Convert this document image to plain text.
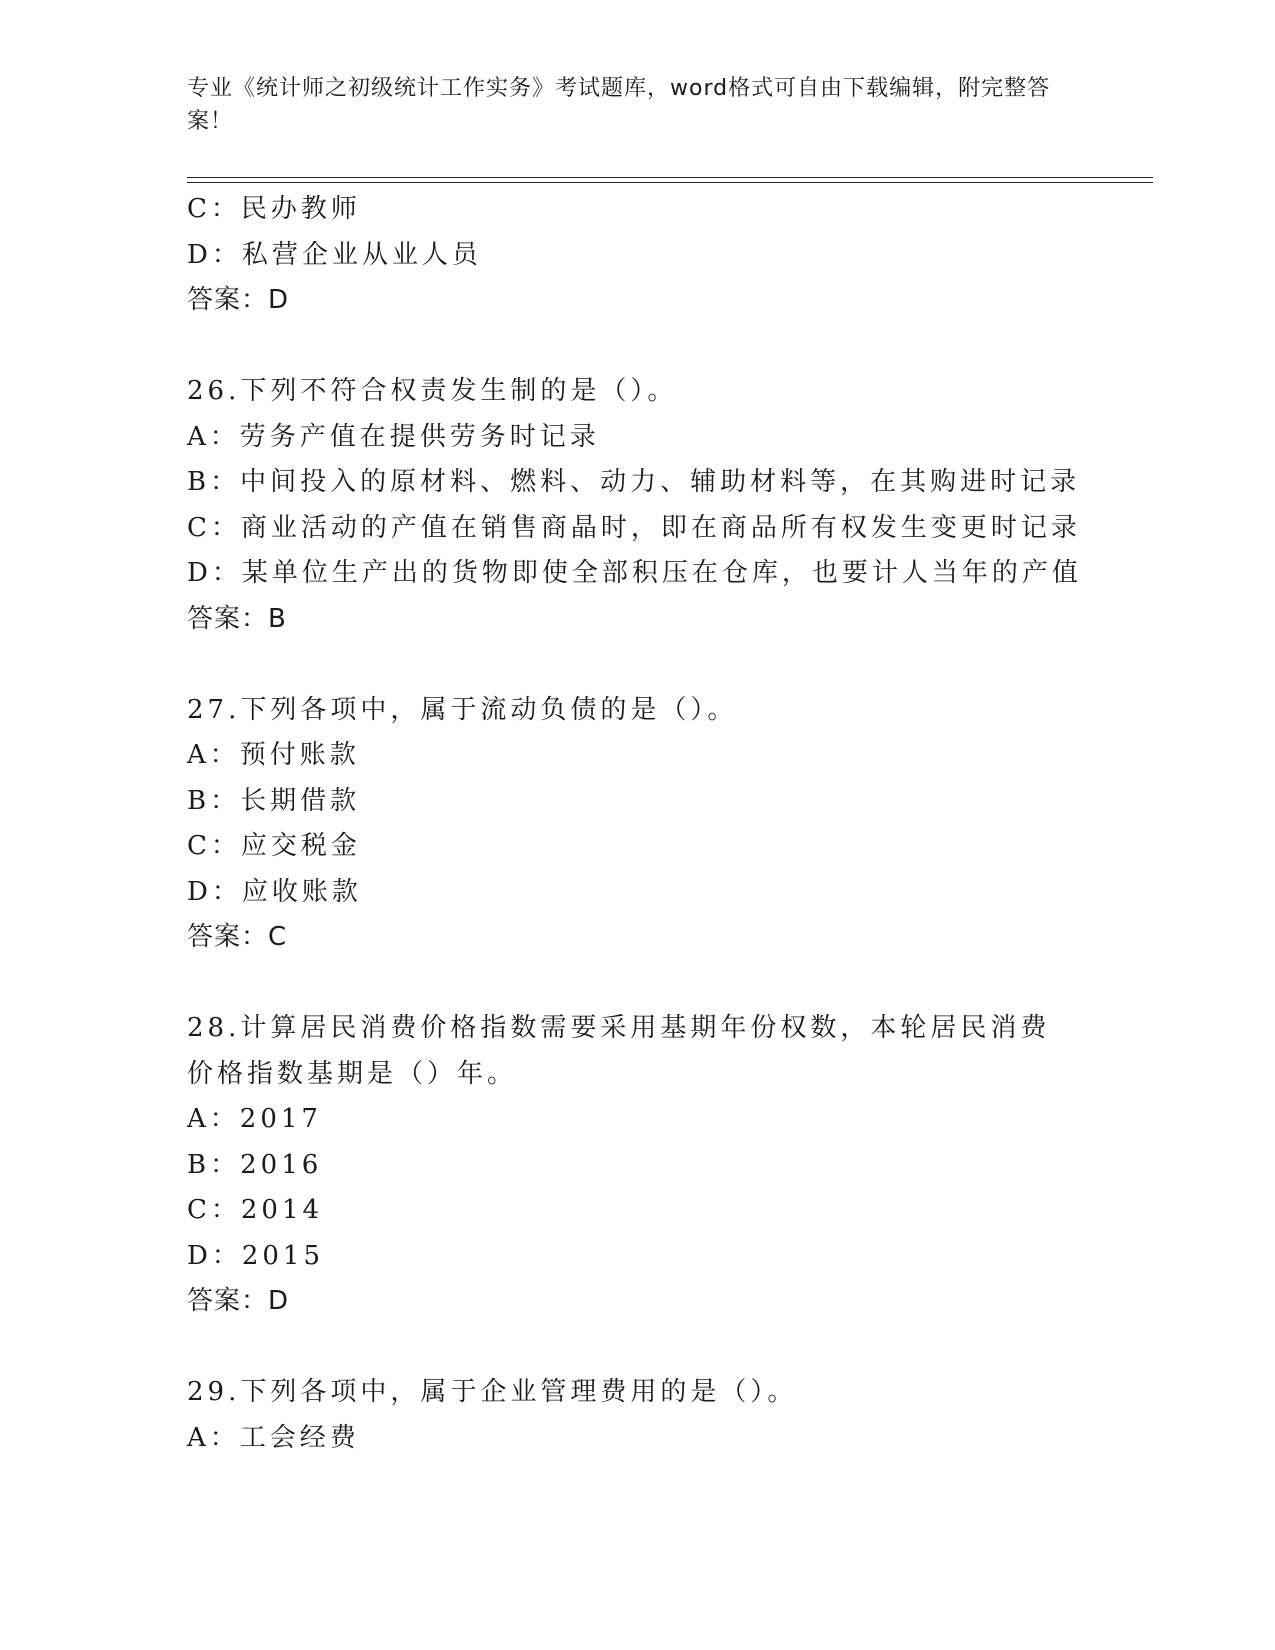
专业《统计师之初级统计工作实务》考试题库，word格式可自由下载编辑，附完整答案！
C：民办教师
D：私营企业从业人员
答案：D
26.下列不符合权责发生制的是（）。
A：劳务产值在提供劳务时记录
B：中间投入的原材料、燃料、动力、辅助材料等，在其购进时记录
C：商业活动的产值在销售商晶时，即在商品所有权发生变更时记录
D：某单位生产出的货物即使全部积压在仓库，也要计人当年的产值
答案：B
27.下列各项中，属于流动负债的是（）。
A：预付账款
B：长期借款
C：应交税金
D：应收账款
答案：C
28.计算居民消费价格指数需要采用基期年份权数，本轮居民消费价格指数基期是（）年。
A：2017
B：2016
C：2014
D：2015
答案：D
29.下列各项中，属于企业管理费用的是（）。
A：工会经费
